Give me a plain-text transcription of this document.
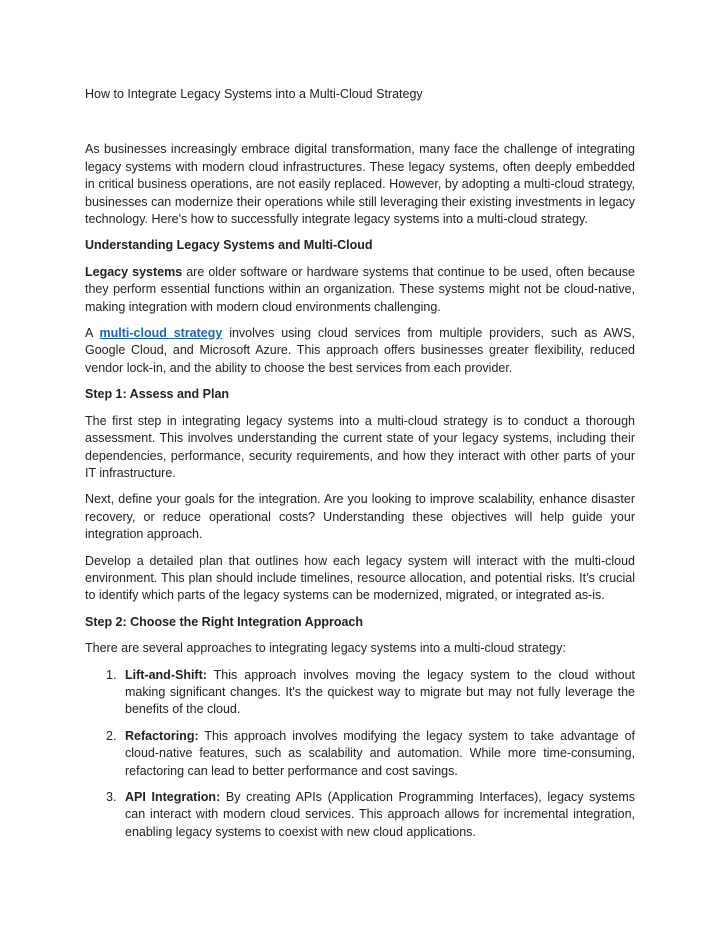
How to Integrate Legacy Systems into a Multi-Cloud Strategy

As businesses increasingly embrace digital transformation, many face the challenge of integrating legacy systems with modern cloud infrastructures. These legacy systems, often deeply embedded in critical business operations, are not easily replaced. However, by adopting a multi-cloud strategy, businesses can modernize their operations while still leveraging their existing investments in legacy technology. Here's how to successfully integrate legacy systems into a multi-cloud strategy.

Understanding Legacy Systems and Multi-Cloud

Legacy systems are older software or hardware systems that continue to be used, often because they perform essential functions within an organization. These systems might not be cloud-native, making integration with modern cloud environments challenging.

A multi-cloud strategy involves using cloud services from multiple providers, such as AWS, Google Cloud, and Microsoft Azure. This approach offers businesses greater flexibility, reduced vendor lock-in, and the ability to choose the best services from each provider.

Step 1: Assess and Plan

The first step in integrating legacy systems into a multi-cloud strategy is to conduct a thorough assessment. This involves understanding the current state of your legacy systems, including their dependencies, performance, security requirements, and how they interact with other parts of your IT infrastructure.

Next, define your goals for the integration. Are you looking to improve scalability, enhance disaster recovery, or reduce operational costs? Understanding these objectives will help guide your integration approach.

Develop a detailed plan that outlines how each legacy system will interact with the multi-cloud environment. This plan should include timelines, resource allocation, and potential risks. It’s crucial to identify which parts of the legacy systems can be modernized, migrated, or integrated as-is.

Step 2: Choose the Right Integration Approach

There are several approaches to integrating legacy systems into a multi-cloud strategy:

1. Lift-and-Shift: This approach involves moving the legacy system to the cloud without making significant changes. It's the quickest way to migrate but may not fully leverage the benefits of the cloud.
2. Refactoring: This approach involves modifying the legacy system to take advantage of cloud-native features, such as scalability and automation. While more time-consuming, refactoring can lead to better performance and cost savings.
3. API Integration: By creating APIs (Application Programming Interfaces), legacy systems can interact with modern cloud services. This approach allows for incremental integration, enabling legacy systems to coexist with new cloud applications.
